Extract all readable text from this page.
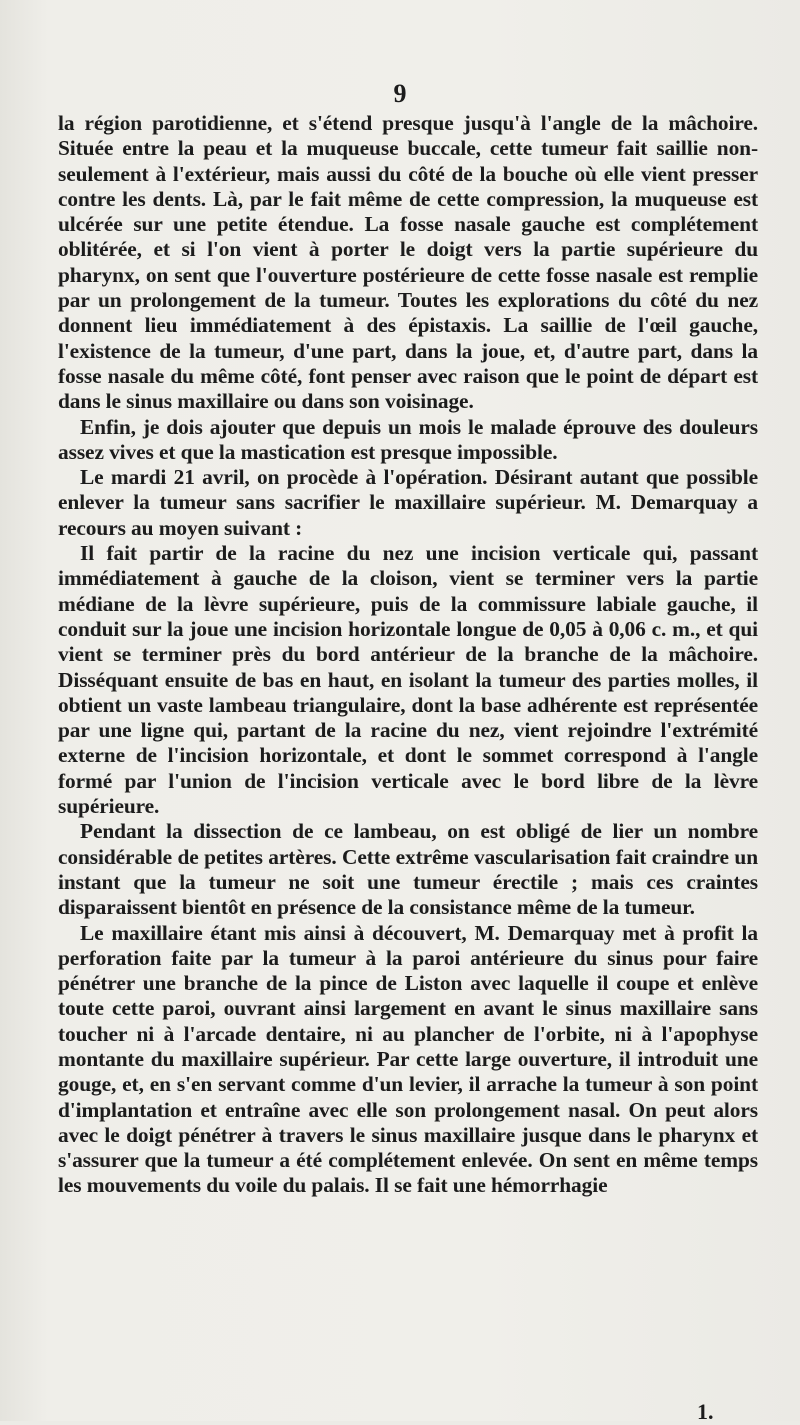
9

la région parotidienne, et s'étend presque jusqu'à l'angle de la mâchoire. Située entre la peau et la muqueuse buccale, cette tumeur fait saillie non-seulement à l'extérieur, mais aussi du côté de la bouche où elle vient presser contre les dents. Là, par le fait même de cette compression, la muqueuse est ulcérée sur une petite étendue. La fosse nasale gauche est complétement oblitérée, et si l'on vient à porter le doigt vers la partie supérieure du pharynx, on sent que l'ouverture postérieure de cette fosse nasale est remplie par un prolongement de la tumeur. Toutes les explorations du côté du nez donnent lieu immédiatement à des épistaxis. La saillie de l'œil gauche, l'existence de la tumeur, d'une part, dans la joue, et, d'autre part, dans la fosse nasale du même côté, font penser avec raison que le point de départ est dans le sinus maxillaire ou dans son voisinage.

Enfin, je dois ajouter que depuis un mois le malade éprouve des douleurs assez vives et que la mastication est presque impossible.

Le mardi 21 avril, on procède à l'opération. Désirant autant que possible enlever la tumeur sans sacrifier le maxillaire supérieur. M. Demarquay a recours au moyen suivant :

Il fait partir de la racine du nez une incision verticale qui, passant immédiatement à gauche de la cloison, vient se terminer vers la partie médiane de la lèvre supérieure, puis de la commissure labiale gauche, il conduit sur la joue une incision horizontale longue de 0,05 à 0,06 c. m., et qui vient se terminer près du bord antérieur de la branche de la mâchoire. Disséquant ensuite de bas en haut, en isolant la tumeur des parties molles, il obtient un vaste lambeau triangulaire, dont la base adhérente est représentée par une ligne qui, partant de la racine du nez, vient rejoindre l'extrémité externe de l'incision horizontale, et dont le sommet correspond à l'angle formé par l'union de l'incision verticale avec le bord libre de la lèvre supérieure.

Pendant la dissection de ce lambeau, on est obligé de lier un nombre considérable de petites artères. Cette extrême vascularisation fait craindre un instant que la tumeur ne soit une tumeur érectile ; mais ces craintes disparaissent bientôt en présence de la consistance même de la tumeur.

Le maxillaire étant mis ainsi à découvert, M. Demarquay met à profit la perforation faite par la tumeur à la paroi antérieure du sinus pour faire pénétrer une branche de la pince de Liston avec laquelle il coupe et enlève toute cette paroi, ouvrant ainsi largement en avant le sinus maxillaire sans toucher ni à l'arcade dentaire, ni au plancher de l'orbite, ni à l'apophyse montante du maxillaire supérieur. Par cette large ouverture, il introduit une gouge, et, en s'en servant comme d'un levier, il arrache la tumeur à son point d'implantation et entraîne avec elle son prolongement nasal. On peut alors avec le doigt pénétrer à travers le sinus maxillaire jusque dans le pharynx et s'assurer que la tumeur a été complétement enlevée. On sent en même temps les mouvements du voile du palais. Il se fait une hémorrhagie

1.
